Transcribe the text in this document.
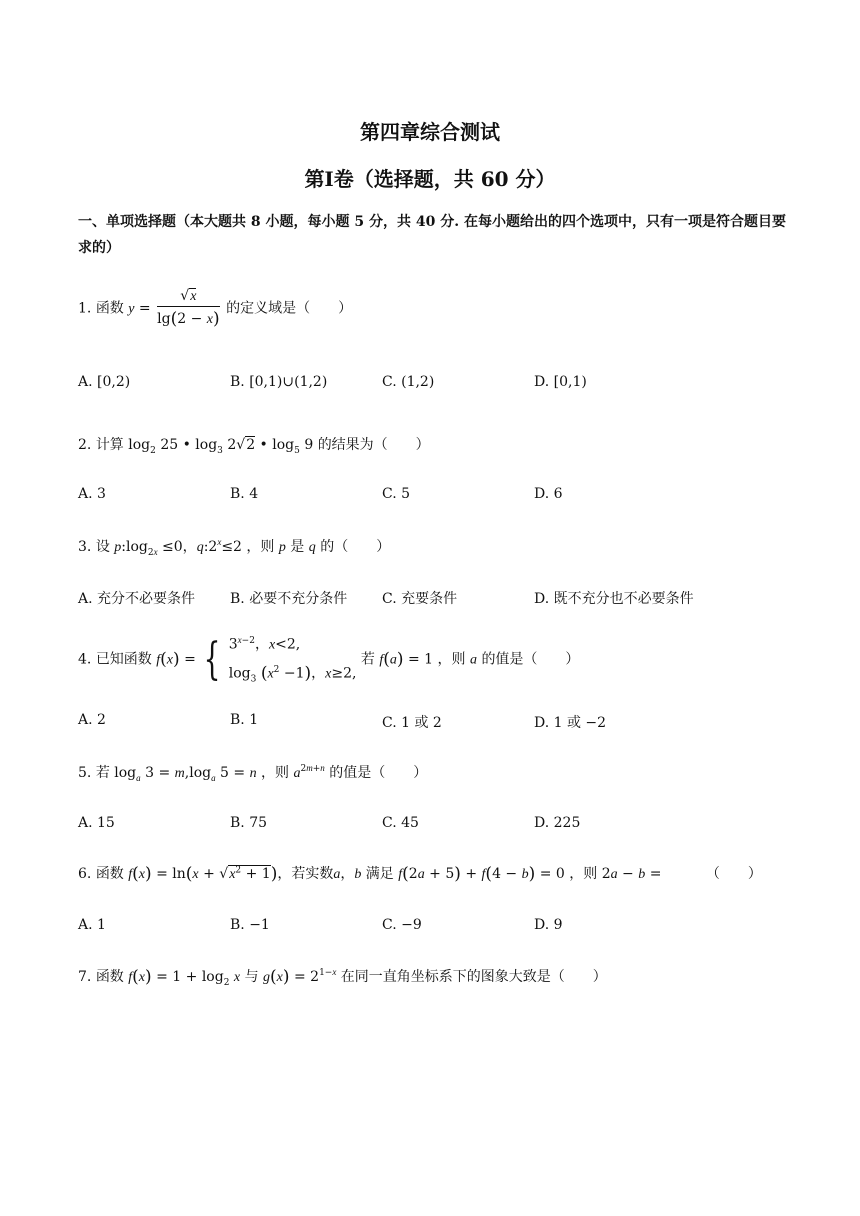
第四章综合测试
第Ⅰ卷（选择题，共 60 分）
一、单项选择题（本大题共 8 小题，每小题 5 分，共 40 分. 在每小题给出的四个选项中，只有一项是符合题目要求的）
1. 函数 $y = \frac{√x}{\lg(2 - x)}$ 的定义域是（　　）
A. [0,2)	B. [0,1)∪(1,2)	C. (1,2)	D. [0,1)
2. 计算 $\log_2 25$ • $\log_3 2√2$ • $\log_5 9$ 的结果为（　　）
A. 3	B. 4	C. 5	D. 6
3. 设 $p:\log_{2x} \le 0$，$q:2^x\le 2$ ，则 p 是 q 的（　　）
A. 充分不必要条件 B. 必要不充分条件 C. 充要条件	D. 既不充分也不必要条件
4. 已知函数 f(x) = { $3^{x-2}$，x<2,
$\log_3 (x^2 -1)$，x≥2,
若 f(a) = 1 ，则 a 的值是（　　）
A. 2	B. 1	C. 1 或 2	D. 1 或 −2
5. 若 $\log_a 3 = m,\log_a$ 5 = n ，则 $a^{2m+n}$ 的值是（　　）
A. 15	B. 75	C. 45	D. 225
6. 函数 $f(x) = \ln(x + √x^2 + 1)$，若实数a，b 满足 f(2a + 5) + f(4 − b) = 0 ，则 2a − b =	（　　）
A. 1	B. −1	C. −9	D. 9
7. 函数 $f(x) = 1 + \log_2 x$ 与 $g(x) = 2^{1-x}$ 在同一直角坐标系下的图象大致是（　　）
